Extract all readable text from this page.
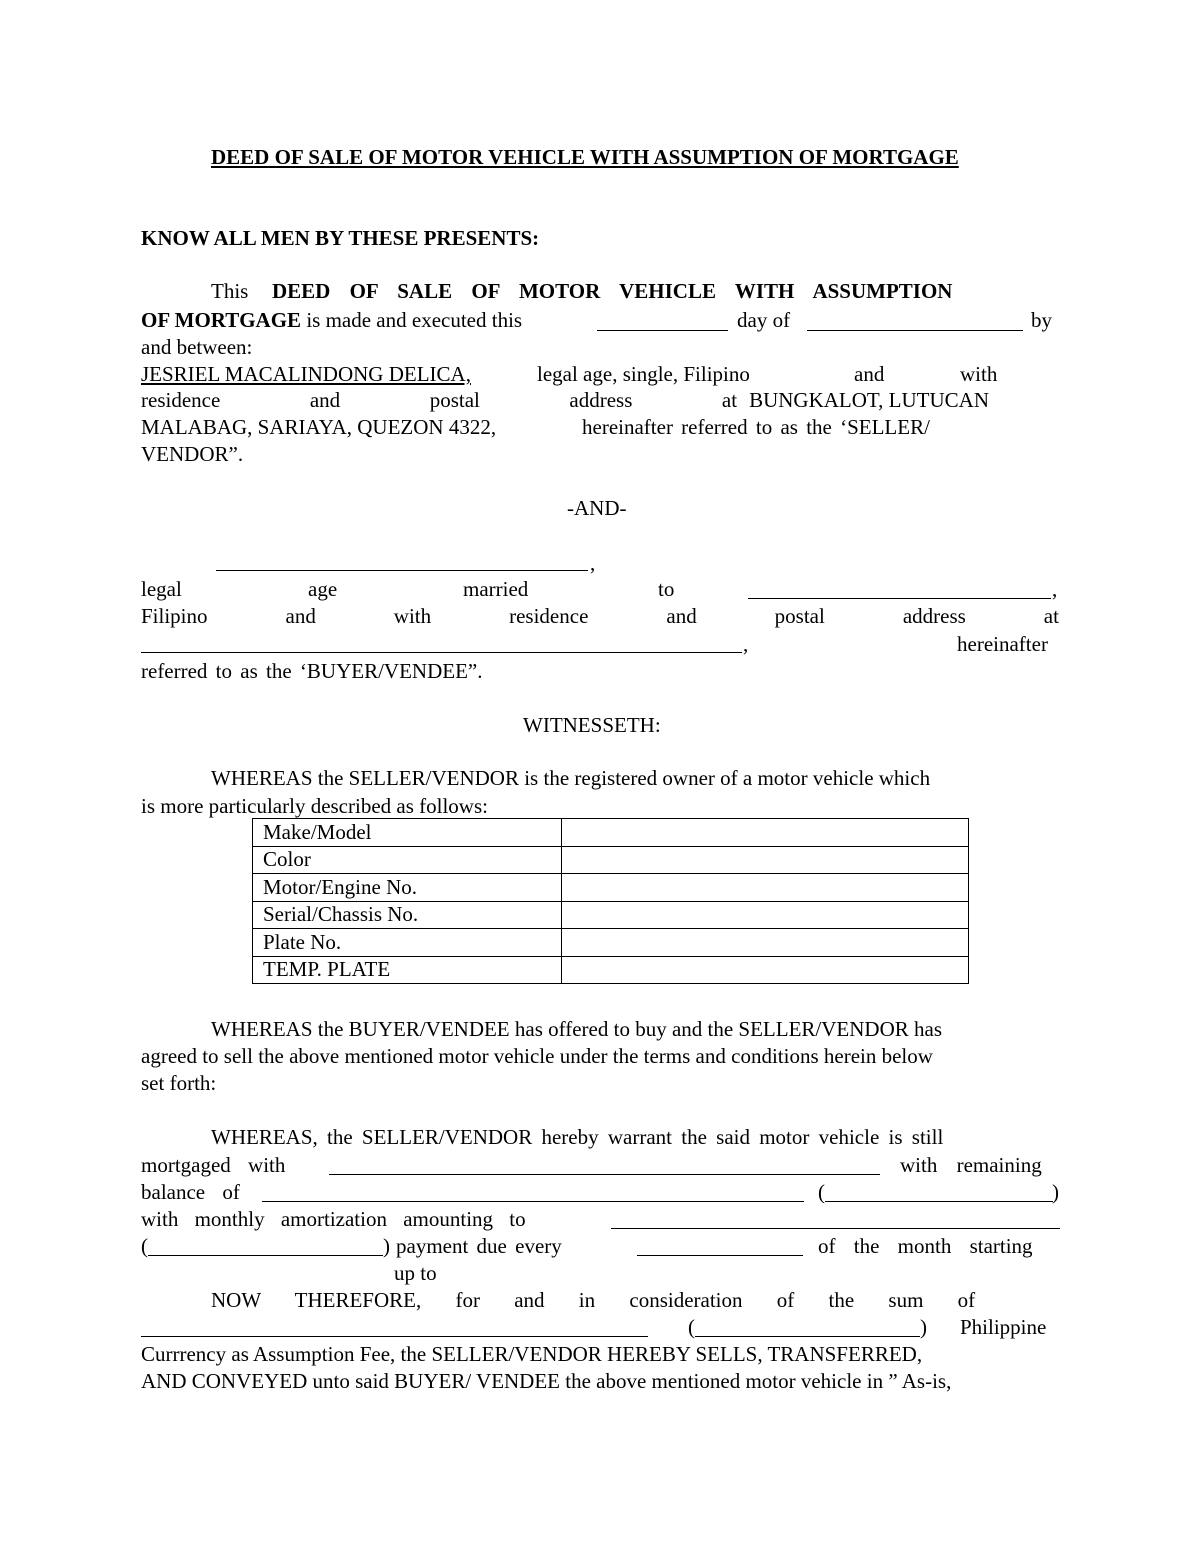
DEED OF SALE OF MOTOR VEHICLE WITH ASSUMPTION OF MORTGAGE
KNOW ALL MEN BY THESE PRESENTS:
This DEED OF SALE OF MOTOR VEHICLE WITH ASSUMPTION
OF MORTGAGE is made and executed this	day of	by
and between:
JESRIEL MACALINDONG DELICA,	legal age, single, Filipino	and	with
residence	and	postal	address	at BUNGKALOT, LUTUCAN
MALABAG, SARIAYA, QUEZON 4322,	hereinafter referred to as the ‘SELLER/
VENDOR”.
-AND-
,
legal	age	married	to	,
Filipino	and	with	residence	and	postal	address	at
,	hereinafter
referred to as the ‘BUYER/VENDEE”.
WITNESSETH:
WHEREAS the SELLER/VENDOR is the registered owner of a motor vehicle which
is more particularly described as follows:
Make/Model	
Color	
Motor/Engine No.	
Serial/Chassis No.	
Plate No.	
TEMP. PLATE	
WHEREAS the BUYER/VENDEE has offered to buy and the SELLER/VENDOR has
agreed to sell the above mentioned motor vehicle under the terms and conditions herein below
set forth:
WHEREAS, the SELLER/VENDOR hereby warrant the said motor vehicle is still
mortgaged with	with remaining
balance of	(	)
with monthly amortization amounting to
(	) payment due every	of the month starting
up to
NOW THEREFORE, for and in consideration of the sum of
(	) Philippine
Currrency as Assumption Fee, the SELLER/VENDOR HEREBY SELLS, TRANSFERRED,
AND CONVEYED unto said BUYER/ VENDEE the above mentioned motor vehicle in ” As-is,
